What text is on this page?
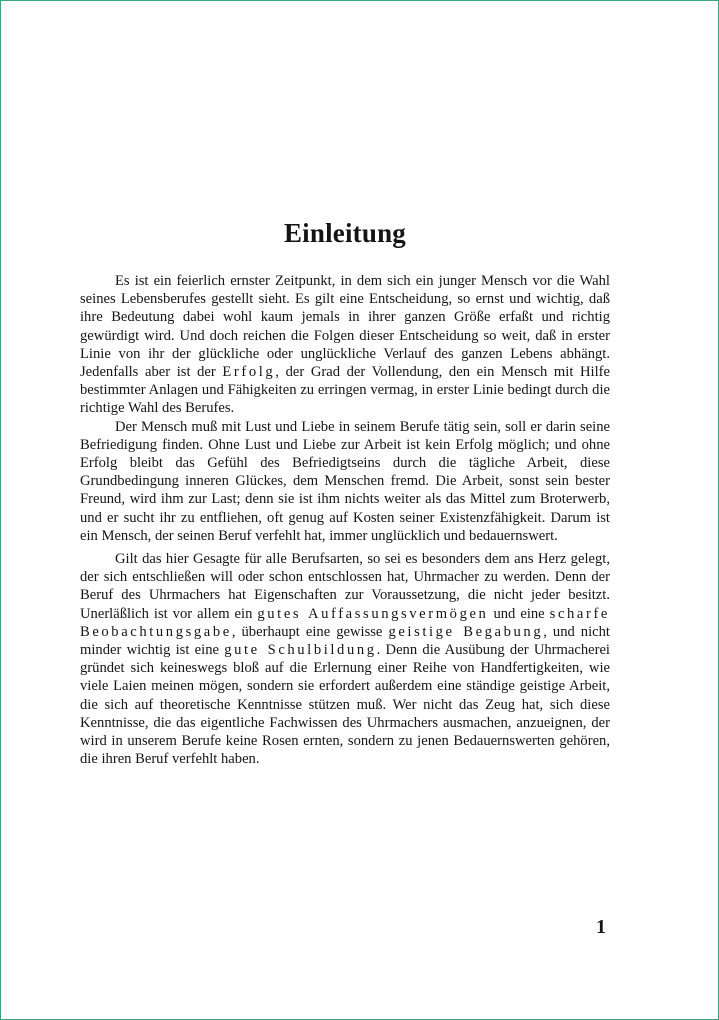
Einleitung

Es ist ein feierlich ernster Zeitpunkt, in dem sich ein junger Mensch vor die Wahl seines Lebensberufes gestellt sieht. Es gilt eine Entscheidung, so ernst und wichtig, daß ihre Bedeutung dabei wohl kaum jemals in ihrer ganzen Größe erfaßt und richtig gewürdigt wird. Und doch reichen die Folgen dieser Entscheidung so weit, daß in erster Linie von ihr der glückliche oder unglückliche Verlauf des ganzen Lebens abhängt. Jedenfalls aber ist der Erfolg, der Grad der Vollendung, den ein Mensch mit Hilfe bestimmter Anlagen und Fähigkeiten zu erringen vermag, in erster Linie bedingt durch die richtige Wahl des Berufes.

Der Mensch muß mit Lust und Liebe in seinem Berufe tätig sein, soll er darin seine Befriedigung finden. Ohne Lust und Liebe zur Arbeit ist kein Erfolg möglich; und ohne Erfolg bleibt das Gefühl des Befriedigtseins durch die tägliche Arbeit, diese Grundbedingung inneren Glückes, dem Menschen fremd. Die Arbeit, sonst sein bester Freund, wird ihm zur Last; denn sie ist ihm nichts weiter als das Mittel zum Broterwerb, und er sucht ihr zu entfliehen, oft genug auf Kosten seiner Existenzfähigkeit. Darum ist ein Mensch, der seinen Beruf verfehlt hat, immer unglücklich und bedauernswert.

Gilt das hier Gesagte für alle Berufsarten, so sei es besonders dem ans Herz gelegt, der sich entschließen will oder schon entschlossen hat, Uhrmacher zu werden. Denn der Beruf des Uhrmachers hat Eigenschaften zur Voraussetzung, die nicht jeder besitzt. Unerläßlich ist vor allem ein gutes Auffassungsvermögen und eine scharfe Beobachtungsgabe, überhaupt eine gewisse geistige Begabung, und nicht minder wichtig ist eine gute Schulbildung. Denn die Ausübung der Uhrmacherei gründet sich keineswegs bloß auf die Erlernung einer Reihe von Handfertigkeiten, wie viele Laien meinen mögen, sondern sie erfordert außerdem eine ständige geistige Arbeit, die sich auf theoretische Kenntnisse stützen muß. Wer nicht das Zeug hat, sich diese Kenntnisse, die das eigentliche Fachwissen des Uhrmachers ausmachen, anzueignen, der wird in unserem Berufe keine Rosen ernten, sondern zu jenen Bedauernswerten gehören, die ihren Beruf verfehlt haben.

1
